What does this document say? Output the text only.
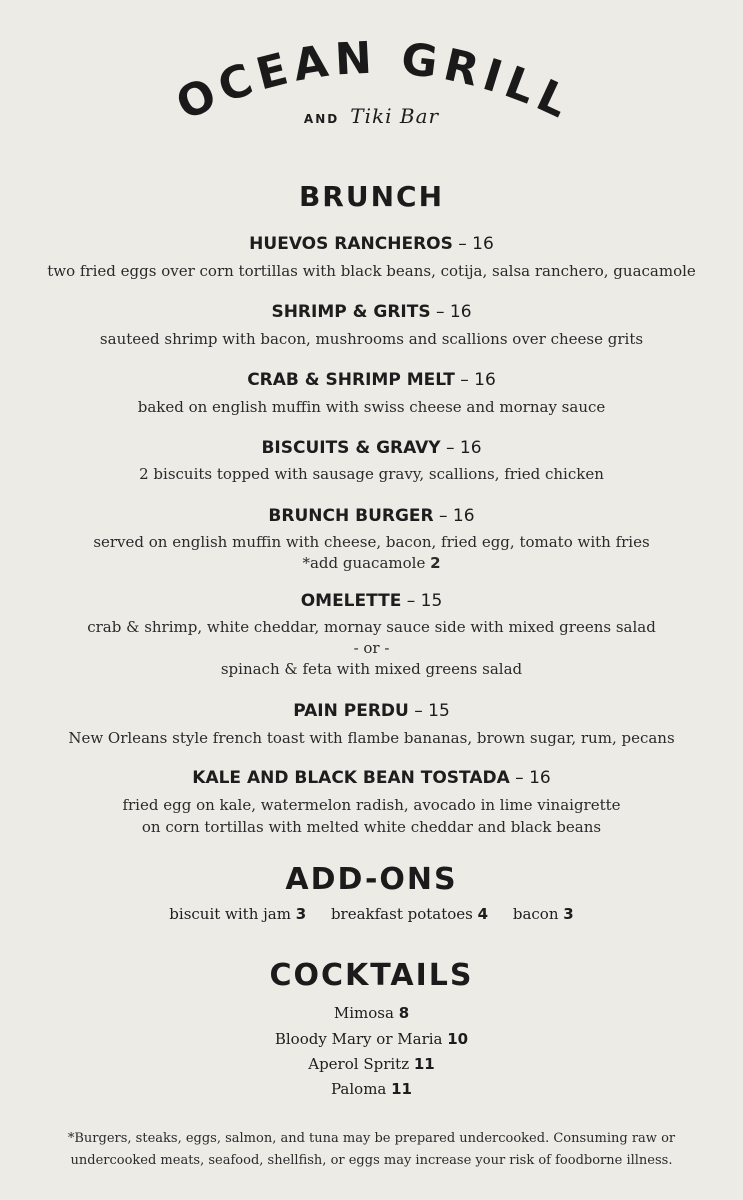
OCEAN GRILL
AND Tiki Bar
BRUNCH
HUEVOS RANCHEROS – 16
two fried eggs over corn tortillas with black beans, cotija, salsa ranchero, guacamole
SHRIMP & GRITS – 16
sauteed shrimp with bacon, mushrooms and scallions over cheese grits
CRAB & SHRIMP MELT – 16
baked on english muffin with swiss cheese and mornay sauce
BISCUITS & GRAVY – 16
2 biscuits topped with sausage gravy, scallions, fried chicken
BRUNCH BURGER – 16
served on english muffin with cheese, bacon, fried egg, tomato with fries
*add guacamole 2
OMELETTE – 15
crab & shrimp, white cheddar, mornay sauce side with mixed greens salad
- or -
spinach & feta with mixed greens salad
PAIN PERDU – 15
New Orleans style french toast with flambe bananas, brown sugar, rum, pecans
KALE AND BLACK BEAN TOSTADA – 16
fried egg on kale, watermelon radish, avocado in lime vinaigrette
on corn tortillas with melted white cheddar and black beans
ADD-ONS
biscuit with jam 3 breakfast potatoes 4 bacon 3
COCKTAILS
Mimosa 8
Bloody Mary or Maria 10
Aperol Spritz 11
Paloma 11
*Burgers, steaks, eggs, salmon, and tuna may be prepared undercooked. Consuming raw or undercooked meats, seafood, shellfish, or eggs may increase your risk of foodborne illness.
